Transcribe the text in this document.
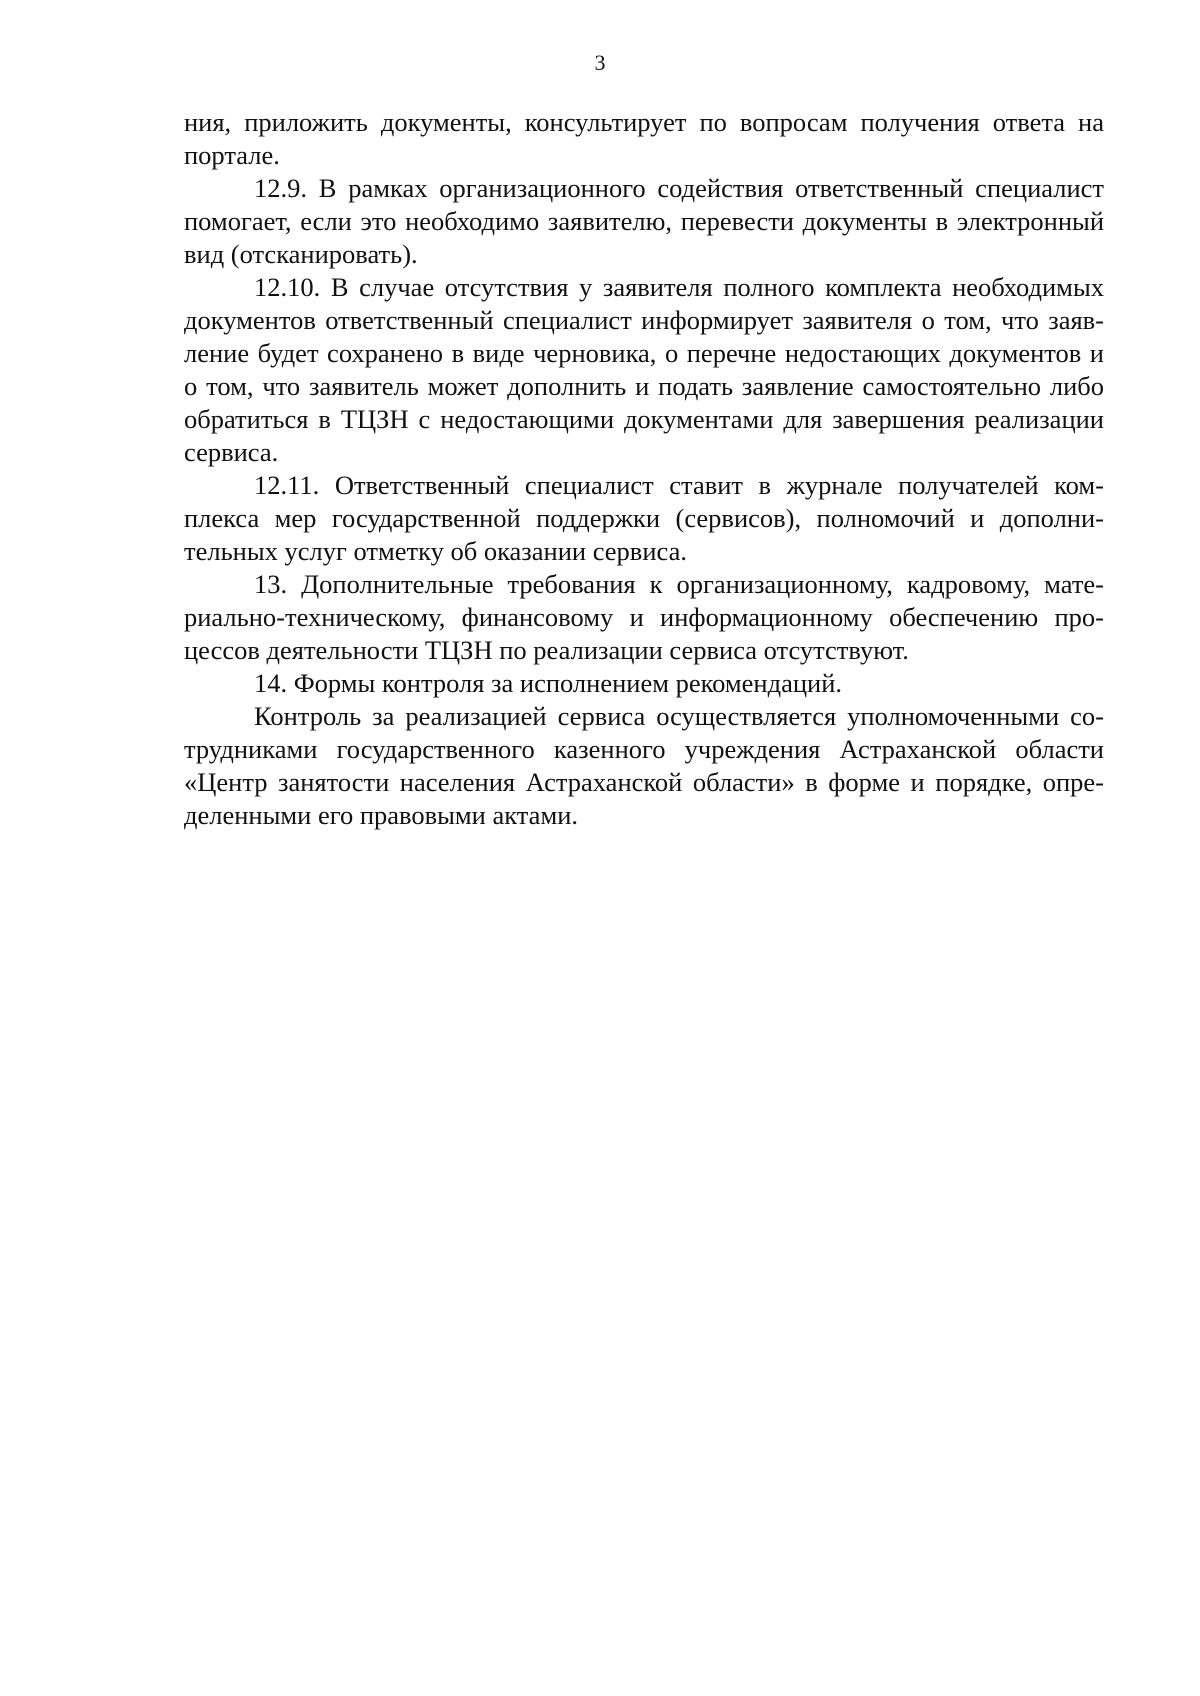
3

ния, приложить документы, консультирует по вопросам получения ответа на портале.

12.9. В рамках организационного содействия ответственный специалист помогает, если это необходимо заявителю, перевести документы в электронный вид (отсканировать).

12.10. В случае отсутствия у заявителя полного комплекта необходимых документов ответственный специалист информирует заявителя о том, что заявление будет сохранено в виде черновика, о перечне недостающих документов и о том, что заявитель может дополнить и подать заявление самостоятельно либо обратиться в ТЦЗН с недостающими документами для завершения реализации сервиса.

12.11. Ответственный специалист ставит в журнале получателей комплекса мер государственной поддержки (сервисов), полномочий и дополнительных услуг отметку об оказании сервиса.

13. Дополнительные требования к организационному, кадровому, материально-техническому, финансовому и информационному обеспечению процессов деятельности ТЦЗН по реализации сервиса отсутствуют.

14. Формы контроля за исполнением рекомендаций.

Контроль за реализацией сервиса осуществляется уполномоченными сотрудниками государственного казенного учреждения Астраханской области «Центр занятости населения Астраханской области» в форме и порядке, определенными его правовыми актами.
